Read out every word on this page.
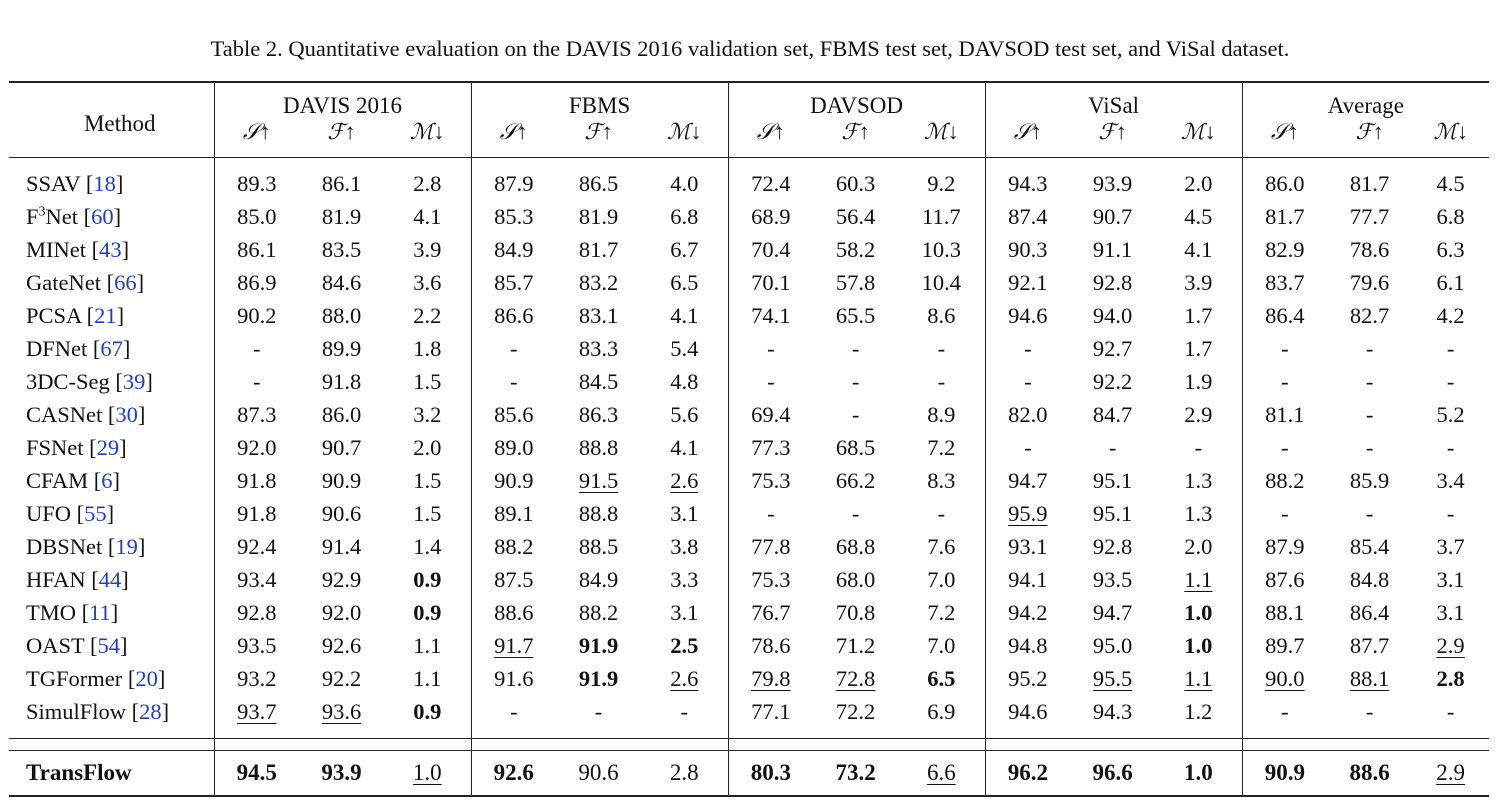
Table 2. Quantitative evaluation on the DAVIS 2016 validation set, FBMS test set, DAVSOD test set, and ViSal dataset.
Method	DAVIS 2016			FBMS			DAVSOD			ViSal			Average		
	𝒮↑	ℱ↑	ℳ↓	𝒮↑	ℱ↑	ℳ↓	𝒮↑	ℱ↑	ℳ↓	𝒮↑	ℱ↑	ℳ↓	𝒮↑	ℱ↑	ℳ↓
SSAV [18]	89.3	86.1	2.8	87.9	86.5	4.0	72.4	60.3	9.2	94.3	93.9	2.0	86.0	81.7	4.5
$F^3Net$ [60]	85.0	81.9	4.1	85.3	81.9	6.8	68.9	56.4	11.7	87.4	90.7	4.5	81.7	77.7	6.8
MINet [43]	86.1	83.5	3.9	84.9	81.7	6.7	70.4	58.2	10.3	90.3	91.1	4.1	82.9	78.6	6.3
GateNet [66]	86.9	84.6	3.6	85.7	83.2	6.5	70.1	57.8	10.4	92.1	92.8	3.9	83.7	79.6	6.1
PCSA [21]	90.2	88.0	2.2	86.6	83.1	4.1	74.1	65.5	8.6	94.6	94.0	1.7	86.4	82.7	4.2
DFNet [67]	-	89.9	1.8	-	83.3	5.4	-	-	-	-	92.7	1.7	-	-	-
3DC-Seg [39]	-	91.8	1.5	-	84.5	4.8	-	-	-	-	92.2	1.9	-	-	-
CASNet [30]	87.3	86.0	3.2	85.6	86.3	5.6	69.4	-	8.9	82.0	84.7	2.9	81.1	-	5.2
FSNet [29]	92.0	90.7	2.0	89.0	88.8	4.1	77.3	68.5	7.2	-	-	-	-	-	-
CFAM [6]	91.8	90.9	1.5	90.9	91.5	2.6	75.3	66.2	8.3	94.7	95.1	1.3	88.2	85.9	3.4
UFO [55]	91.8	90.6	1.5	89.1	88.8	3.1	-	-	-	95.9	95.1	1.3	-	-	-
DBSNet [19]	92.4	91.4	1.4	88.2	88.5	3.8	77.8	68.8	7.6	93.1	92.8	2.0	87.9	85.4	3.7
HFAN [44]	93.4	92.9	0.9	87.5	84.9	3.3	75.3	68.0	7.0	94.1	93.5	1.1	87.6	84.8	3.1
TMO [11]	92.8	92.0	0.9	88.6	88.2	3.1	76.7	70.8	7.2	94.2	94.7	1.0	88.1	86.4	3.1
OAST [54]	93.5	92.6	1.1	91.7	91.9	2.5	78.6	71.2	7.0	94.8	95.0	1.0	89.7	87.7	2.9
TGFormer [20]	93.2	92.2	1.1	91.6	91.9	2.6	79.8	72.8	6.5	95.2	95.5	1.1	90.0	88.1	2.8
SimulFlow [28]	93.7	93.6	0.9	-	-	-	77.1	72.2	6.9	94.6	94.3	1.2	-	-	-

TransFlow	94.5	93.9	1.0	92.6	90.6	2.8	80.3	73.2	6.6	96.2	96.6	1.0	90.9	88.6	2.9
